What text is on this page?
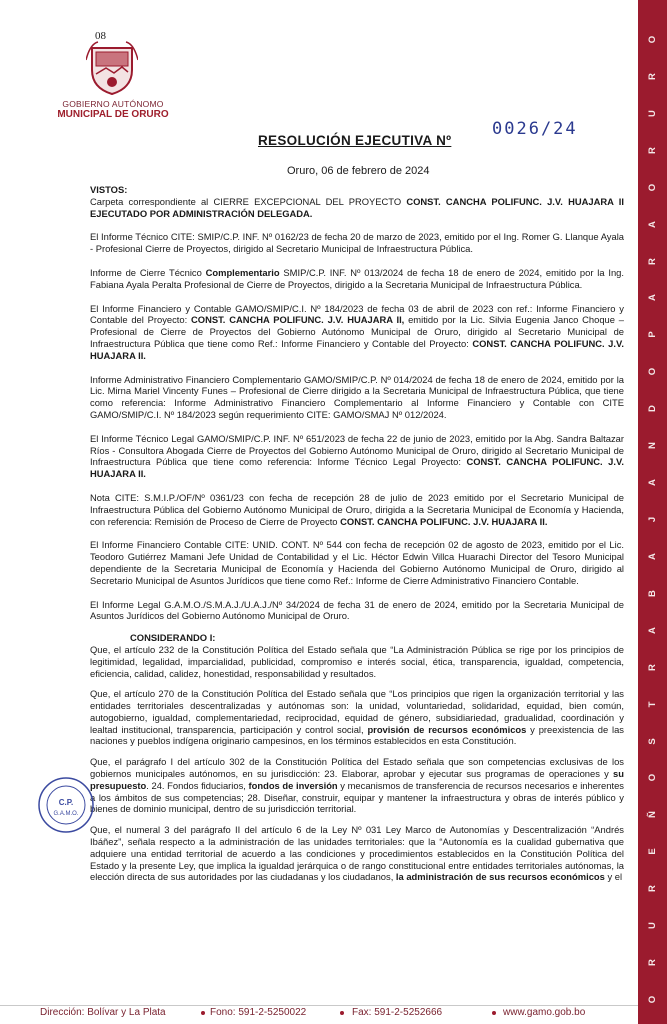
08
GOBIERNO AUTÓNOMO
MUNICIPAL DE ORURO
RESOLUCIÓN EJECUTIVA Nº
0026/24
Oruro, 06 de febrero de 2024

VISTOS:

Carpeta correspondiente al CIERRE EXCEPCIONAL DEL PROYECTO CONST. CANCHA POLIFUNC. J.V. HUAJARA II EJECUTADO POR ADMINISTRACIÓN DELEGADA.

El Informe Técnico CITE: SMIP/C.P. INF. Nº 0162/23 de fecha 20 de marzo de 2023, emitido por el Ing. Romer G. Llanque Ayala - Profesional Cierre de Proyectos, dirigido al Secretario Municipal de Infraestructura Pública.

Informe de Cierre Técnico Complementario SMIP/C.P. INF. Nº 013/2024 de fecha 18 de enero de 2024, emitido por la Ing. Fabiana Ayala Peralta Profesional de Cierre de Proyectos, dirigido a la Secretaria Municipal de Infraestructura Pública.

El Informe Financiero y Contable GAMO/SMIP/C.I. Nº 184/2023 de fecha 03 de abril de 2023 con ref.: Informe Financiero y Contable del Proyecto: CONST. CANCHA POLIFUNC. J.V. HUAJARA II, emitido por la Lic. Silvia Eugenia Janco Choque – Profesional de Cierre de Proyectos del Gobierno Autónomo Municipal de Oruro, dirigido al Secretario Municipal de Infraestructura Pública que tiene como Ref.: Informe Financiero y Contable del Proyecto: CONST. CANCHA POLIFUNC. J.V. HUAJARA II.

Informe Administrativo Financiero Complementario GAMO/SMIP/C.P. Nº 014/2024 de fecha 18 de enero de 2024, emitido por la Lic. Mirna Mariel Vincenty Funes – Profesional de Cierre dirigido a la Secretaria Municipal de Infraestructura Pública, que tiene como referencia: Informe Administrativo Financiero Complementario al Informe Financiero y Contable con CITE GAMO/SMIP/C.I. Nº 184/2023 según requerimiento CITE: GAMO/SMAJ Nº 012/2024.

El Informe Técnico Legal GAMO/SMIP/C.P. INF. Nº 651/2023 de fecha 22 de junio de 2023, emitido por la Abg. Sandra Baltazar Ríos - Consultora Abogada Cierre de Proyectos del Gobierno Autónomo Municipal de Oruro, dirigido al Secretario Municipal de Infraestructura Pública que tiene como referencia: Informe Técnico Legal Proyecto: CONST. CANCHA POLIFUNC. J.V. HUAJARA II.

Nota CITE: S.M.I.P./OF/Nº 0361/23 con fecha de recepción 28 de julio de 2023 emitido por el Secretario Municipal de Infraestructura Pública del Gobierno Autónomo Municipal de Oruro, dirigida a la Secretaria Municipal de Economía y Hacienda, con referencia: Remisión de Proceso de Cierre de Proyecto CONST. CANCHA POLIFUNC. J.V. HUAJARA II.

El Informe Financiero Contable CITE: UNID. CONT. Nº 544 con fecha de recepción 02 de agosto de 2023, emitido por el Lic. Teodoro Gutiérrez Mamani Jefe Unidad de Contabilidad y el Lic. Héctor Edwin Villca Huarachi Director del Tesoro Municipal dependiente de la Secretaria Municipal de Economía y Hacienda del Gobierno Autónomo Municipal de Oruro, dirigido al Secretario Municipal de Asuntos Jurídicos que tiene como Ref.: Informe de Cierre Administrativo Financiero Contable.

El Informe Legal G.A.M.O./S.M.A.J./U.A.J./Nº 34/2024 de fecha 31 de enero de 2024, emitido por la Secretaria Municipal de Asuntos Jurídicos del Gobierno Autónomo Municipal de Oruro.

CONSIDERANDO I:

Que, el artículo 232 de la Constitución Política del Estado señala que “La Administración Pública se rige por los principios de legitimidad, legalidad, imparcialidad, publicidad, compromiso e interés social, ética, transparencia, igualdad, competencia, eficiencia, calidad, calidez, honestidad, responsabilidad y resultados.

Que, el artículo 270 de la Constitución Política del Estado señala que “Los principios que rigen la organización territorial y las entidades territoriales descentralizadas y autónomas son: la unidad, voluntariedad, solidaridad, equidad, bien común, autogobierno, igualdad, complementariedad, reciprocidad, equidad de género, subsidiariedad, gradualidad, coordinación y lealtad institucional, transparencia, participación y control social, provisión de recursos económicos y preexistencia de las naciones y pueblos indígena originario campesinos, en los términos establecidos en esta Constitución.

Que, el parágrafo I del artículo 302 de la Constitución Política del Estado señala que son competencias exclusivas de los gobiernos municipales autónomos, en su jurisdicción: 23. Elaborar, aprobar y ejecutar sus programas de operaciones y su presupuesto. 24. Fondos fiduciarios, fondos de inversión y mecanismos de transferencia de recursos necesarios e inherentes a los ámbitos de sus competencias; 28. Diseñar, construir, equipar y mantener la infraestructura y obras de interés público y bienes de dominio municipal, dentro de su jurisdicción territorial.

Que, el numeral 3 del parágrafo II del artículo 6 de la Ley Nº 031 Ley Marco de Autonomías y Descentralización “Andrés Ibáñez”, señala respecto a la administración de las unidades territoriales: que la “Autonomía es la cualidad gubernativa que adquiere una entidad territorial de acuerdo a las condiciones y procedimientos establecidos en la Constitución Política del Estado y la presente Ley, que implica la igualdad jerárquica o de rango constitucional entre entidades territoriales autónomas, la elección directa de sus autoridades por las ciudadanas y los ciudadanos, la administración de sus recursos económicos y el

C.P.
G.A.M.O.
O
R
U
R
E
Ñ
O
S
T
R
A
B
A
J
A
N
D
O
P
A
R
A
O
R
U
R
O
Dirección: Bolívar y La Plata	Fono: 591-2-5250022	Fax: 591-2-5252666	www.gamo.gob.bo
